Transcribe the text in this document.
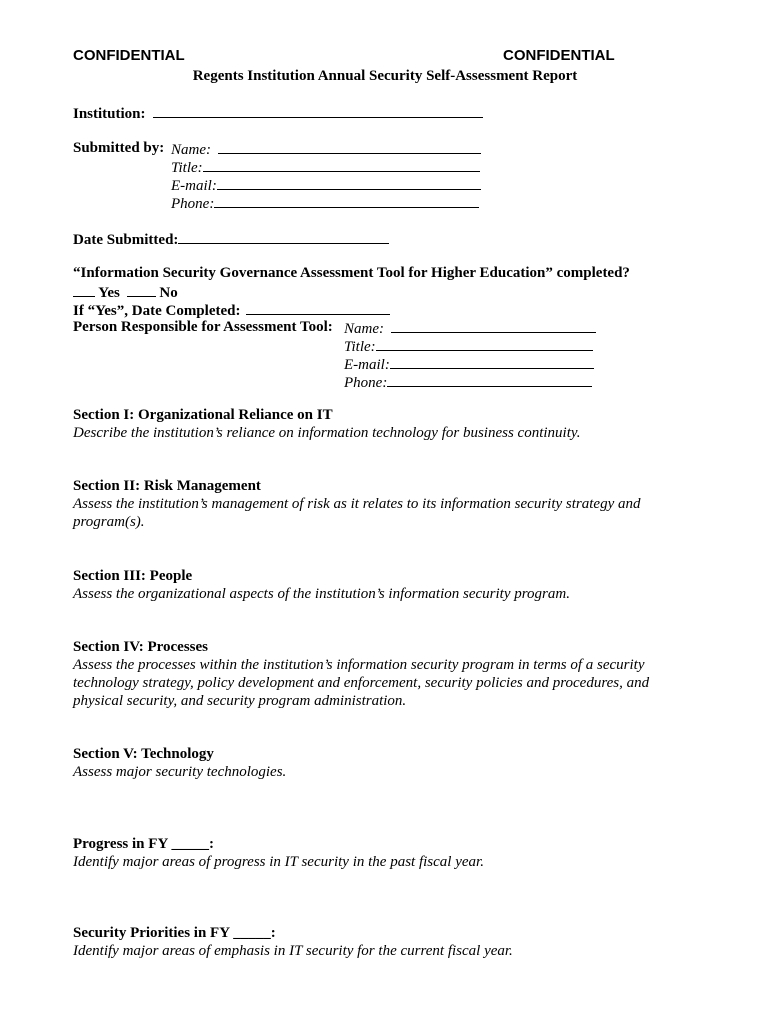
CONFIDENTIAL	CONFIDENTIAL
Regents Institution Annual Security Self-Assessment Report
Institution:
Submitted by: Name:
Title:
E-mail:
Phone:
Date Submitted:
“Information Security Governance Assessment Tool for Higher Education” completed?
Yes	No
If “Yes”, Date Completed:
Person Responsible for Assessment Tool: Name:
Title:
E-mail:
Phone:
Section I: Organizational Reliance on IT
Describe the institution’s reliance on information technology for business continuity.
Section II: Risk Management
Assess the institution’s management of risk as it relates to its information security strategy and program(s).
Section III: People
Assess the organizational aspects of the institution’s information security program.
Section IV: Processes
Assess the processes within the institution’s information security program in terms of a security technology strategy, policy development and enforcement, security policies and procedures, and physical security, and security program administration.
Section V: Technology
Assess major security technologies.
Progress in FY _____:
Identify major areas of progress in IT security in the past fiscal year.
Security Priorities in FY _____:
Identify major areas of emphasis in IT security for the current fiscal year.
